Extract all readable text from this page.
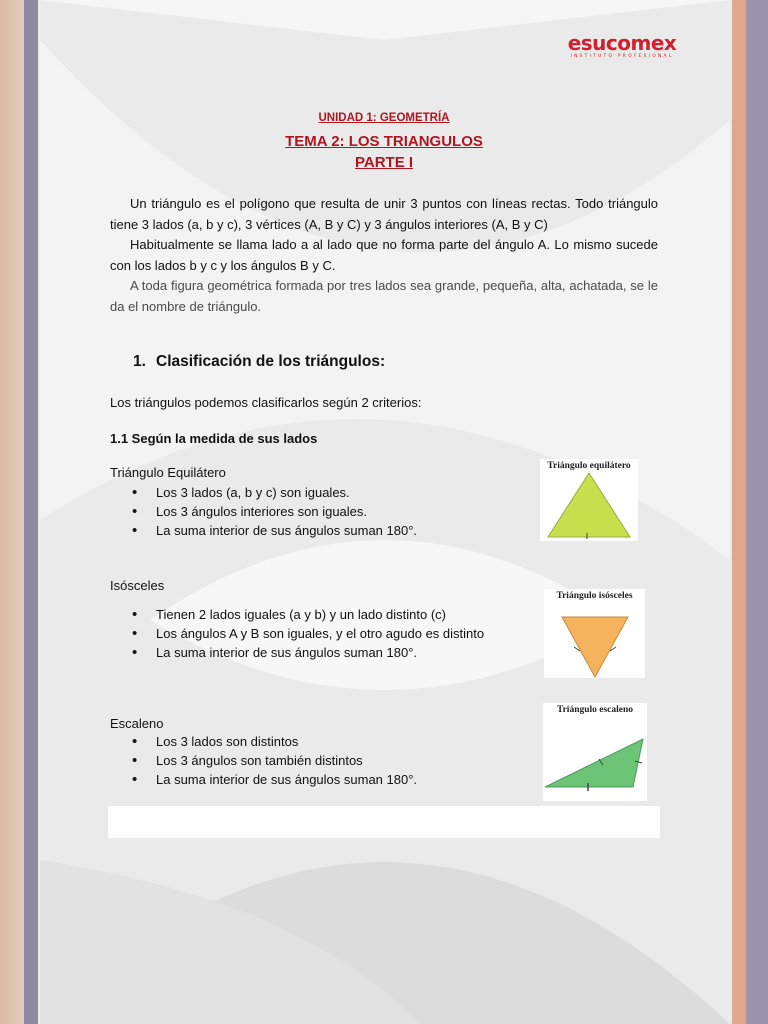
esucomex
INSTITUTO PROFESIONAL
UNIDAD 1: GEOMETRÍA
TEMA 2: LOS TRIANGULOS
PARTE I

Un triángulo es el polígono que resulta de unir 3 puntos con líneas rectas. Todo triángulo tiene 3 lados (a, b y c), 3 vértices (A, B y C) y 3 ángulos interiores (A, B y C)

Habitualmente se llama lado a al lado que no forma parte del ángulo A. Lo mismo sucede con los lados b y c y los ángulos B y C.

A toda figura geométrica formada por tres lados sea grande, pequeña, alta, achatada, se le da el nombre de triángulo.

1. Clasificación de los triángulos:
Los triángulos podemos clasificarlos según 2 criterios:
1.1 Según la medida de sus lados
Triángulo Equilátero
• Los 3 lados (a, b y c) son iguales.
• Los 3 ángulos interiores son iguales.
• La suma interior de sus ángulos suman 180°.
Triángulo equilátero
Isósceles
• Tienen 2 lados iguales (a y b) y un lado distinto (c)
• Los ángulos A y B son iguales, y el otro agudo es distinto
• La suma interior de sus ángulos suman 180°.
Triángulo isósceles
Escaleno
• Los 3 lados son distintos
• Los 3 ángulos son también distintos
• La suma interior de sus ángulos suman 180°.
Triángulo escaleno
